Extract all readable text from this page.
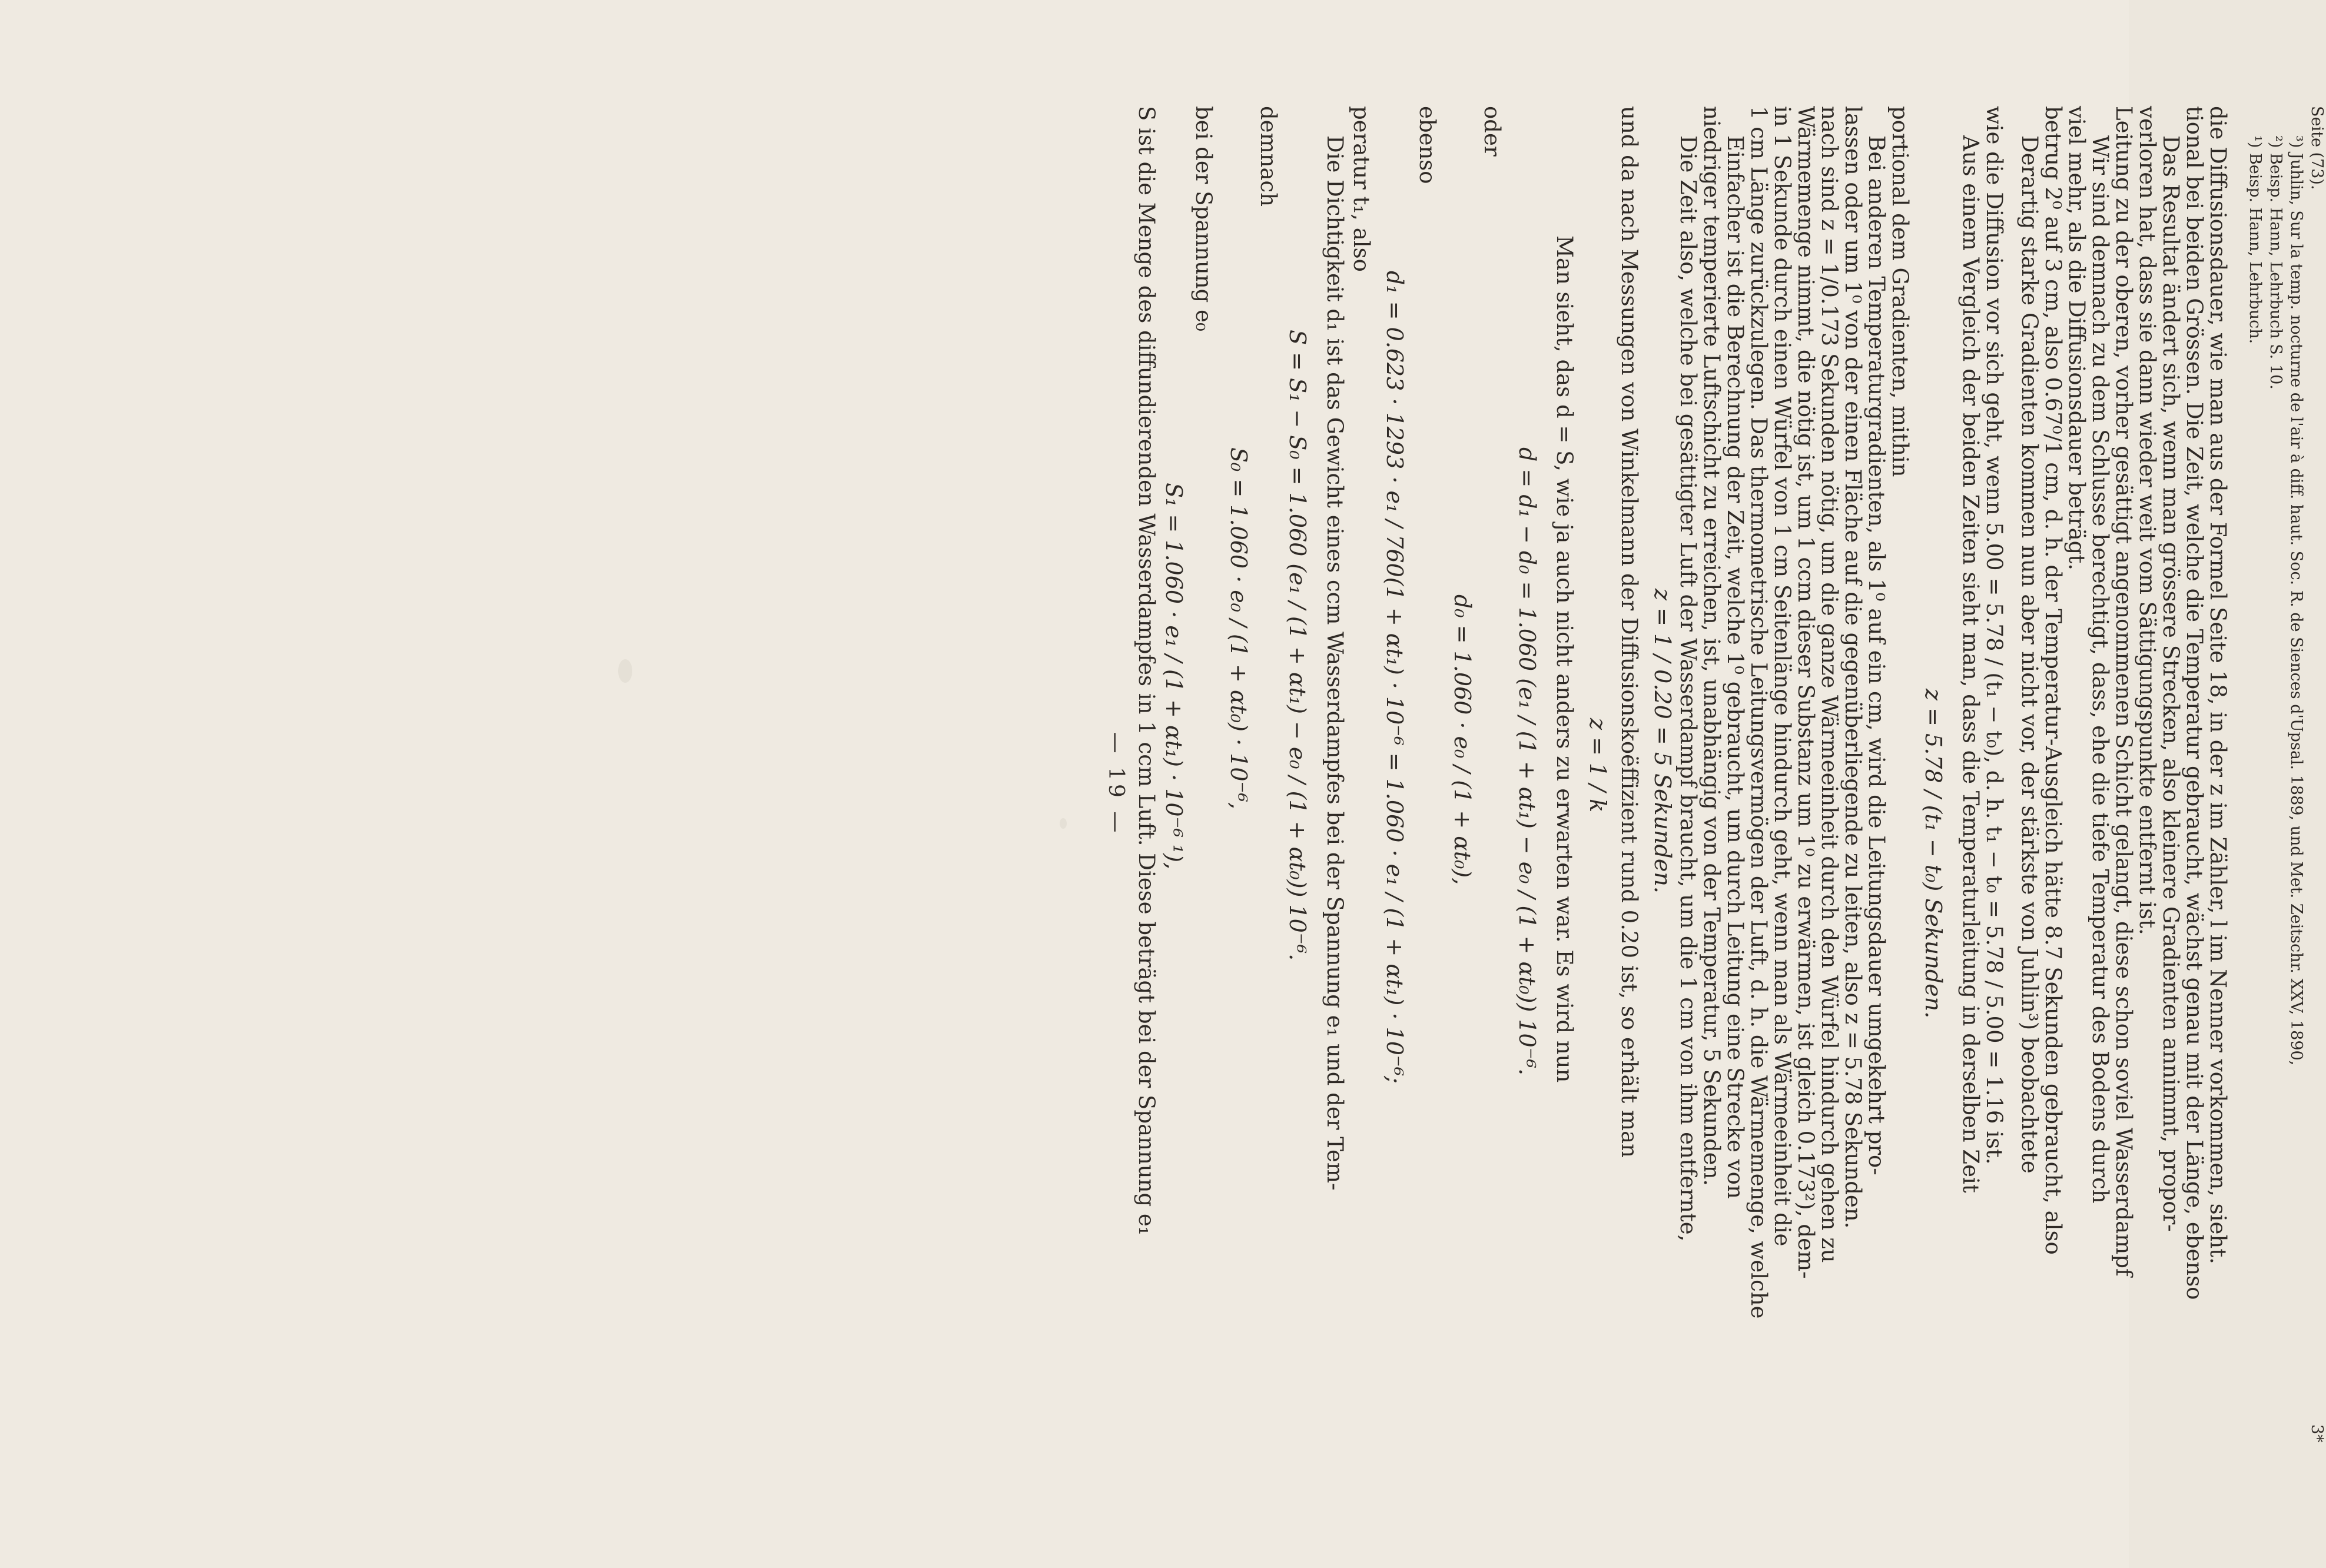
— 19 — S ist die Menge des diffundierenden Wasserdampfes in 1 ccm Luft. Diese beträgt bei der Spannung e₁ S₁ = 1.060 · e₁ / (1 + αt₁) · 10⁻⁶ ¹),
bei der Spannung e₀
S₀ = 1.060 · e₀ / (1 + αt₀) · 10⁻⁶,
demnach
S = S₁ − S₀ = 1.060 (e₁ / (1 + αt₁) − e₀ / (1 + αt₀)) 10⁻⁶. Die Dichtigkeit d₁ ist das Gewicht eines ccm Wasserdampfes bei der Spannung e₁ und der Tem- peratur t₁, also
d₁ = 0.623 · 1293 · e₁ / 760(1 + αt₁) · 10⁻⁶ = 1.060 · e₁ / (1 + αt₁) · 10⁻⁶;
ebenso
d₀ = 1.060 · e₀ / (1 + αt₀),
oder
d = d₁ − d₀ = 1.060 (e₁ / (1 + αt₁) − e₀ / (1 + αt₀)) 10⁻⁶. Man sieht, das d = S, wie ja auch nicht anders zu erwarten war. Es wird nun z = 1 / k und da nach Messungen von Winkelmann der Diffusionskoëffizient rund 0.20 ist, so erhält man z = 1 / 0.20 = 5 Sekunden. Die Zeit also, welche bei gesättigter Luft der Wasserdampf braucht, um die 1 cm von ihm entfernte,
niedriger temperierte Luftschicht zu erreichen, ist, unabhängig von der Temperatur, 5 Sekunden.
Einfacher ist die Berechnung der Zeit, welche 1⁰ gebraucht, um durch Leitung eine Strecke von
1 cm Länge zurückzulegen. Das thermometrische Leitungsvermögen der Luft, d. h. die Wärmemenge, welche
in 1 Sekunde durch einen Würfel von 1 cm Seitenlänge hindurch geht, wenn man als Wärmeeinheit die
Wärmemenge nimmt, die nötig ist, um 1 ccm dieser Substanz um 1⁰ zu erwärmen, ist gleich 0.173²), dem-
nach sind z = 1/0.173 Sekunden nötig, um die ganze Wärmeeinheit durch den Würfel hindurch gehen zu
lassen oder um 1⁰ von der einen Fläche auf die gegenüberliegende zu leiten, also z = 5.78 Sekunden.
Bei anderen Temperaturgradienten, als 1⁰ auf ein cm, wird die Leitungsdauer umgekehrt pro-
portional dem Gradienten, mithin
z = 5.78 / (t₁ − t₀) Sekunden. Aus einem Vergleich der beiden Zeiten sieht man, dass die Temperaturleitung in derselben Zeit
wie die Diffusion vor sich geht, wenn 5.00 = 5.78 / (t₁ − t₀), d. h. t₁ − t₀ = 5.78 / 5.00 = 1.16 ist. Derartig starke Gradienten kommen nun aber nicht vor, der stärkste von Juhlin³) beobachtete
betrug 2⁰ auf 3 cm, also 0.67⁰/1 cm, d. h. der Temperatur-Ausgleich hätte 8.7 Sekunden gebraucht, also
viel mehr, als die Diffusionsdauer beträgt.
Wir sind demnach zu dem Schlusse berechtigt, dass, ehe die tiefe Temperatur des Bodens durch
Leitung zu der oberen, vorher gesättigt angenommenen Schicht gelangt, diese schon soviel Wasserdampf
verloren hat, dass sie dann wieder weit vom Sättigungspunkte entfernt ist.
Das Resultat ändert sich, wenn man grössere Strecken, also kleinere Gradienten annimmt, propor-
tional bei beiden Grössen. Die Zeit, welche die Temperatur gebraucht, wächst genau mit der Länge, ebenso
die Diffusionsdauer, wie man aus der Formel Seite 18, in der z im Zähler, l im Nenner vorkommen, sieht. ¹) Beisp. Hann, Lehrbuch. ²) Beisp. Hann, Lehrbuch S. 10. ³) Juhlin, Sur la temp. nocturne de l'air à diff. haut. Soc. R. de Siences d'Upsal. 1889, und Met. Zeitschr. XXV, 1890, Seite (73).
3*
